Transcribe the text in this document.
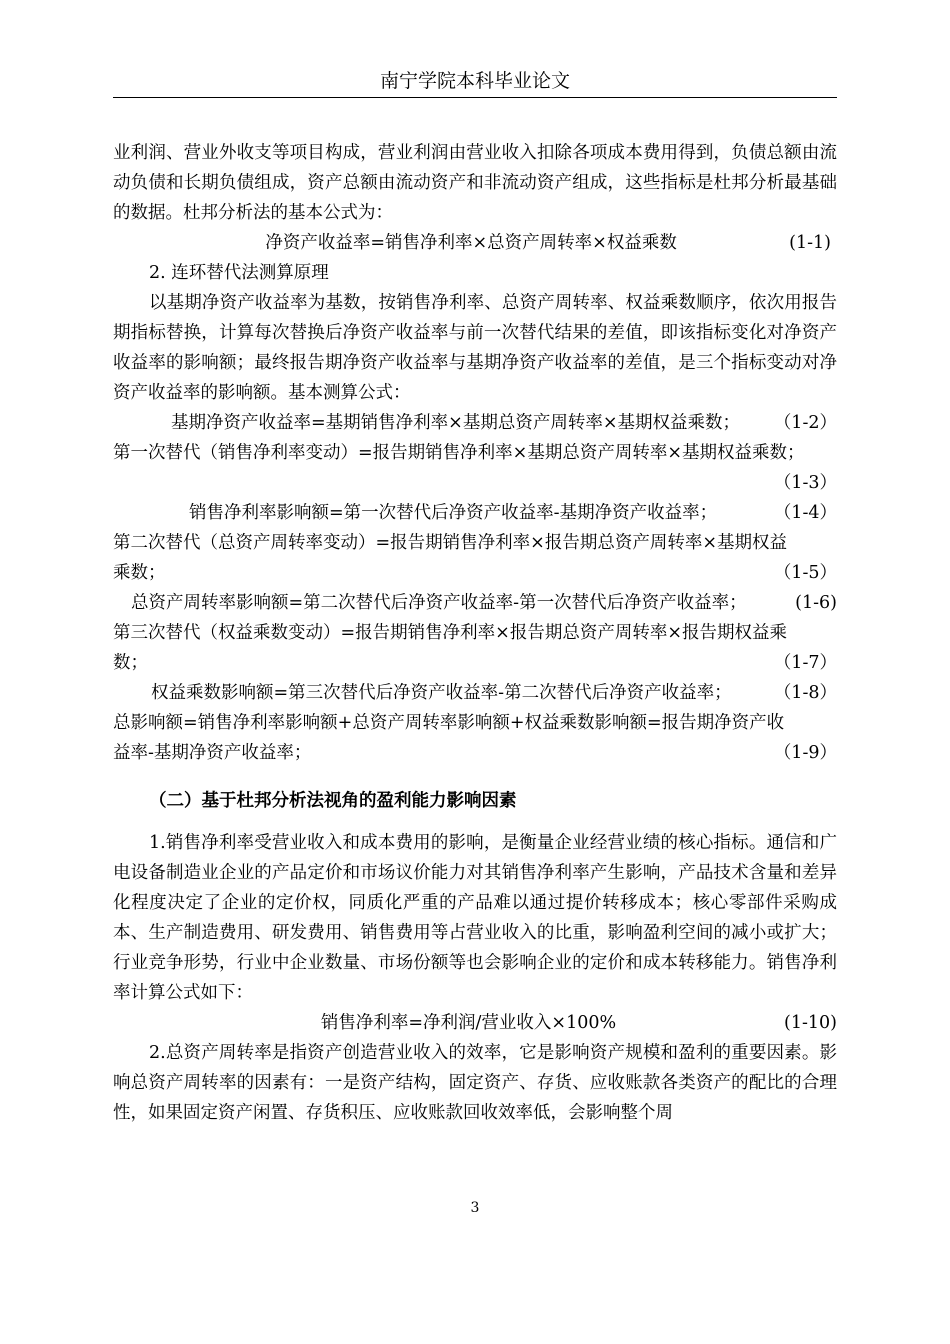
南宁学院本科毕业论文

业利润、营业外收支等项目构成，营业利润由营业收入扣除各项成本费用得到，负债总额由流动负债和长期负债组成，资产总额由流动资产和非流动资产组成，这些指标是杜邦分析最基础的数据。杜邦分析法的基本公式为：

净资产收益率=销售净利率×总资产周转率×权益乘数	(1-1)

2. 连环替代法测算原理

以基期净资产收益率为基数，按销售净利率、总资产周转率、权益乘数顺序，依次用报告期指标替换，计算每次替换后净资产收益率与前一次替代结果的差值，即该指标变化对净资产收益率的影响额；最终报告期净资产收益率与基期净资产收益率的差值，是三个指标变动对净资产收益率的影响额。基本测算公式：

基期净资产收益率=基期销售净利率×基期总资产周转率×基期权益乘数；	（1-2）
第一次替代（销售净利率变动）=报告期销售净利率×基期总资产周转率×基期权益乘数；
（1-3）
销售净利率影响额=第一次替代后净资产收益率-基期净资产收益率；	（1-4）
第二次替代（总资产周转率变动）=报告期销售净利率×报告期总资产周转率×基期权益
乘数；	（1-5）
总资产周转率影响额=第二次替代后净资产收益率-第一次替代后净资产收益率；	(1-6)
第三次替代（权益乘数变动）=报告期销售净利率×报告期总资产周转率×报告期权益乘
数；	（1-7）
权益乘数影响额=第三次替代后净资产收益率-第二次替代后净资产收益率；	（1-8）
总影响额=销售净利率影响额+总资产周转率影响额+权益乘数影响额=报告期净资产收
益率-基期净资产收益率；	（1-9）
（二）基于杜邦分析法视角的盈利能力影响因素

1.销售净利率受营业收入和成本费用的影响，是衡量企业经营业绩的核心指标。通信和广电设备制造业企业的产品定价和市场议价能力对其销售净利率产生影响，产品技术含量和差异化程度决定了企业的定价权，同质化严重的产品难以通过提价转移成本；核心零部件采购成本、生产制造费用、研发费用、销售费用等占营业收入的比重，影响盈利空间的减小或扩大；行业竞争形势，行业中企业数量、市场份额等也会影响企业的定价和成本转移能力。销售净利率计算公式如下：

销售净利率=净利润/营业收入×100%	(1-10)

2.总资产周转率是指资产创造营业收入的效率，它是影响资产规模和盈利的重要因素。影响总资产周转率的因素有：一是资产结构，固定资产、存货、应收账款各类资产的配比的合理性，如果固定资产闲置、存货积压、应收账款回收效率低，会影响整个周

3
